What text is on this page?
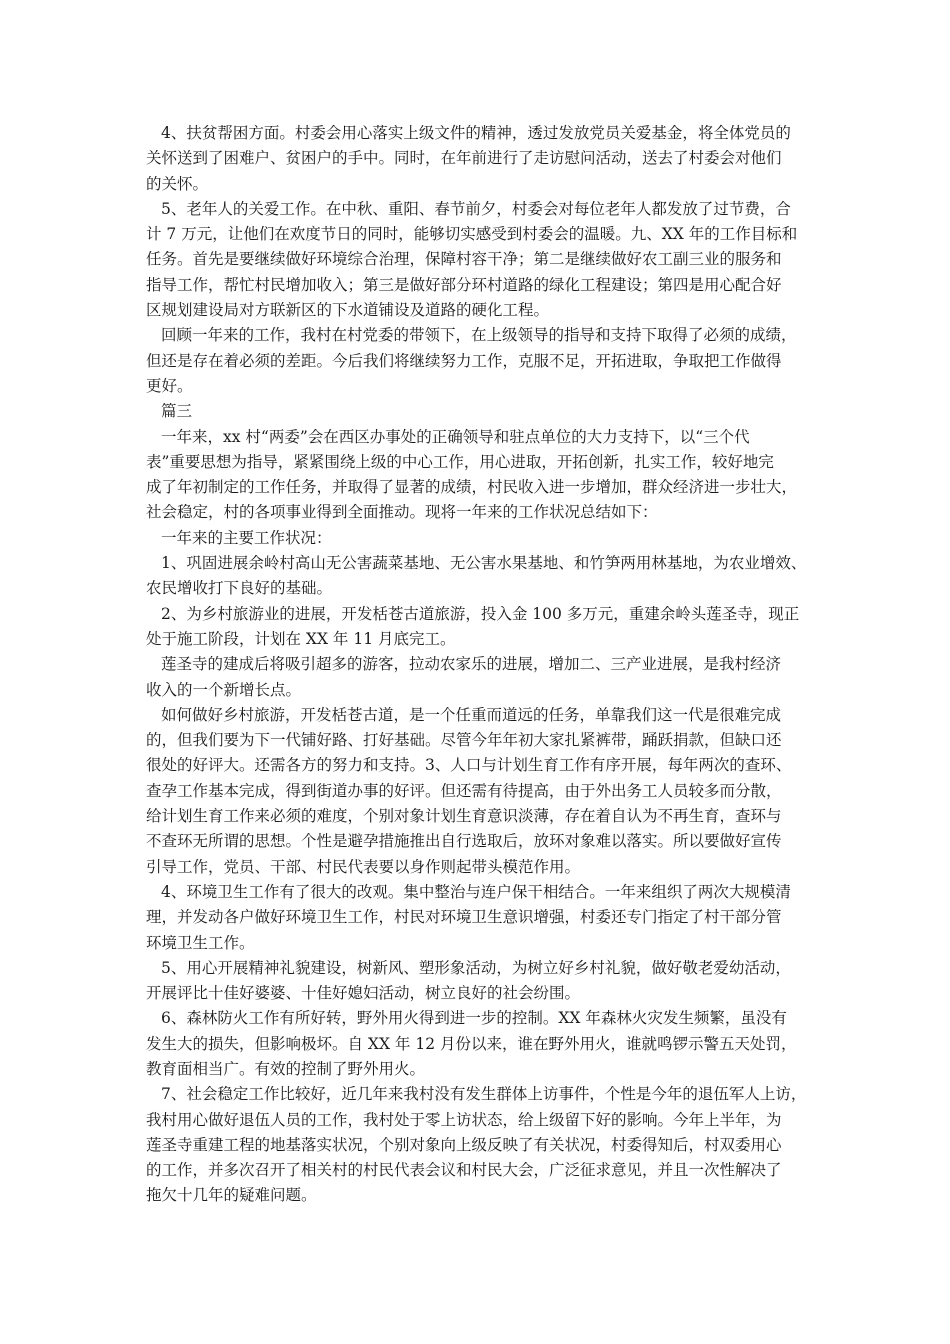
4、扶贫帮困方面。村委会用心落实上级文件的精神，透过发放党员关爱基金，将全体党员的
关怀送到了困难户、贫困户的手中。同时，在年前进行了走访慰问活动，送去了村委会对他们
的关怀。
5、老年人的关爱工作。在中秋、重阳、春节前夕，村委会对每位老年人都发放了过节费，合
计 7 万元，让他们在欢度节日的同时，能够切实感受到村委会的温暖。九、XX 年的工作目标和
任务。首先是要继续做好环境综合治理，保障村容干净；第二是继续做好农工副三业的服务和
指导工作，帮忙村民增加收入；第三是做好部分环村道路的绿化工程建设；第四是用心配合好
区规划建设局对方联新区的下水道铺设及道路的硬化工程。
回顾一年来的工作，我村在村党委的带领下，在上级领导的指导和支持下取得了必须的成绩，
但还是存在着必须的差距。今后我们将继续努力工作，克服不足，开拓进取，争取把工作做得
更好。
篇三
一年来，xx 村“两委”会在西区办事处的正确领导和驻点单位的大力支持下，以“三个代
表”重要思想为指导，紧紧围绕上级的中心工作，用心进取，开拓创新，扎实工作，较好地完
成了年初制定的工作任务，并取得了显著的成绩，村民收入进一步增加，群众经济进一步壮大，
社会稳定，村的各项事业得到全面推动。现将一年来的工作状况总结如下：
一年来的主要工作状况：
1、巩固进展余岭村高山无公害蔬菜基地、无公害水果基地、和竹笋两用林基地，为农业增效、
农民增收打下良好的基础。
2、为乡村旅游业的进展，开发栝苍古道旅游，投入金 100 多万元，重建余岭头莲圣寺，现正
处于施工阶段，计划在 XX 年 11 月底完工。
莲圣寺的建成后将吸引超多的游客，拉动农家乐的进展，增加二、三产业进展，是我村经济
收入的一个新增长点。
如何做好乡村旅游，开发栝苍古道，是一个任重而道远的任务，单靠我们这一代是很难完成
的，但我们要为下一代铺好路、打好基础。尽管今年年初大家扎紧裤带，踊跃捐款，但缺口还
很处的好评大。还需各方的努力和支持。3、人口与计划生育工作有序开展，每年两次的查环、
查孕工作基本完成，得到街道办事的好评。但还需有待提高，由于外出务工人员较多而分散，
给计划生育工作来必须的难度，个别对象计划生育意识淡薄，存在着自认为不再生育，查环与
不查环无所谓的思想。个性是避孕措施推出自行选取后，放环对象难以落实。所以要做好宣传
引导工作，党员、干部、村民代表要以身作则起带头模范作用。
4、环境卫生工作有了很大的改观。集中整治与连户保干相结合。一年来组织了两次大规模清
理，并发动各户做好环境卫生工作，村民对环境卫生意识增强，村委还专门指定了村干部分管
环境卫生工作。
5、用心开展精神礼貌建设，树新风、塑形象活动，为树立好乡村礼貌，做好敬老爱幼活动，
开展评比十佳好婆婆、十佳好媳妇活动，树立良好的社会纷围。
6、森林防火工作有所好转，野外用火得到进一步的控制。XX 年森林火灾发生频繁，虽没有
发生大的损失，但影响极坏。自 XX 年 12 月份以来，谁在野外用火，谁就鸣锣示警五天处罚，
教育面相当广。有效的控制了野外用火。
7、社会稳定工作比较好，近几年来我村没有发生群体上访事件，个性是今年的退伍军人上访，
我村用心做好退伍人员的工作，我村处于零上访状态，给上级留下好的影响。今年上半年，为
莲圣寺重建工程的地基落实状况，个别对象向上级反映了有关状况，村委得知后，村双委用心
的工作，并多次召开了相关村的村民代表会议和村民大会，广泛征求意见，并且一次性解决了
拖欠十几年的疑难问题。
